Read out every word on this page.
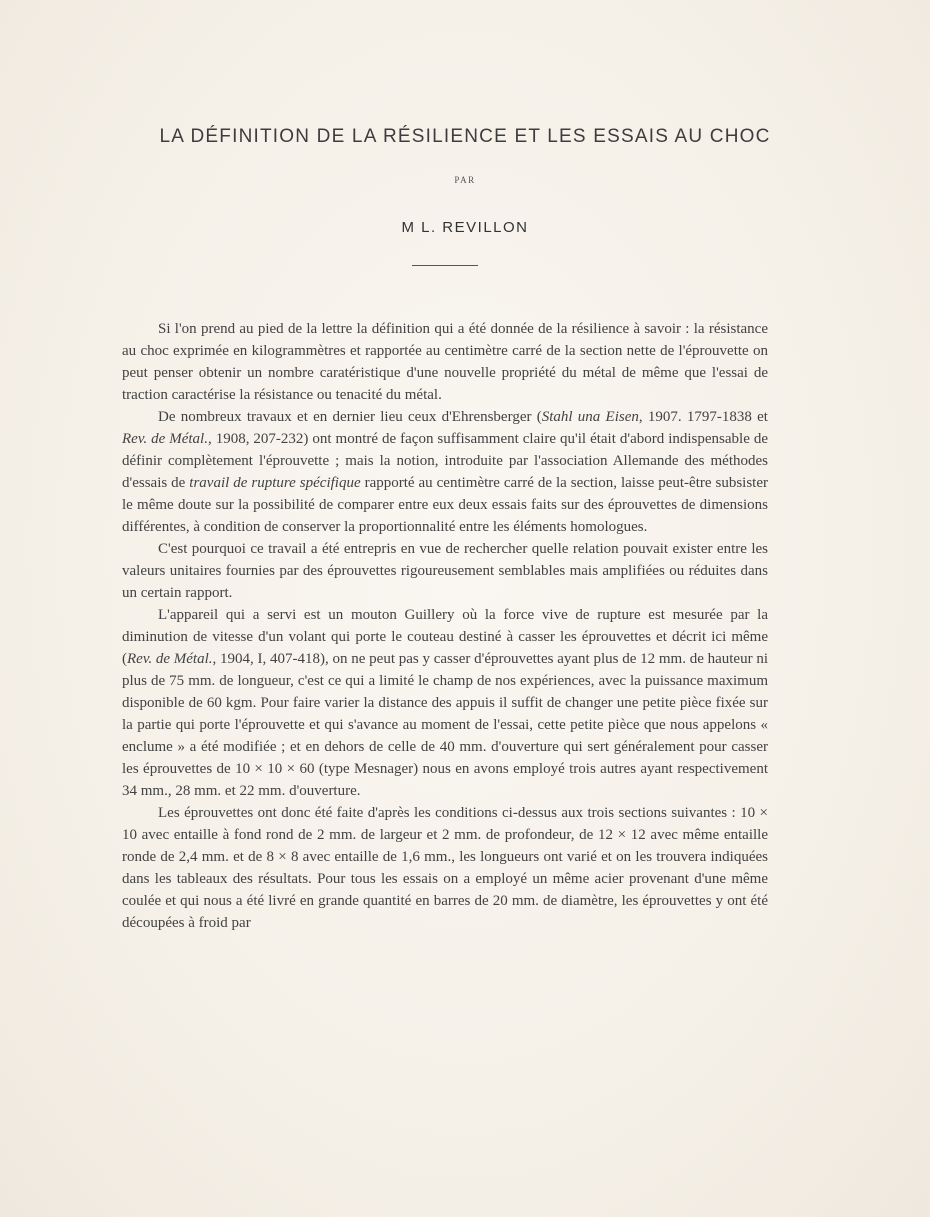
LA DÉFINITION DE LA RÉSILIENCE ET LES ESSAIS AU CHOC
PAR
M L. REVILLON

Si l'on prend au pied de la lettre la définition qui a été donnée de la résilience à savoir : la résistance au choc exprimée en kilogrammètres et rapportée au centimètre carré de la section nette de l'éprouvette on peut penser obtenir un nombre caratéristique d'une nouvelle propriété du métal de même que l'essai de traction caractérise la résistance ou tenacité du métal.

De nombreux travaux et en dernier lieu ceux d'Ehrensberger (Stahl una Eisen, 1907. 1797-1838 et Rev. de Métal., 1908, 207-232) ont montré de façon suffisamment claire qu'il était d'abord indispensable de définir complètement l'éprouvette ; mais la notion, introduite par l'association Allemande des méthodes d'essais de travail de rupture spécifique rapporté au centimètre carré de la section, laisse peut-être subsister le même doute sur la possibilité de comparer entre eux deux essais faits sur des éprouvettes de dimensions différentes, à condition de conserver la proportionnalité entre les éléments homologues.

C'est pourquoi ce travail a été entrepris en vue de rechercher quelle relation pouvait exister entre les valeurs unitaires fournies par des éprouvettes rigoureusement semblables mais amplifiées ou réduites dans un certain rapport.

L'appareil qui a servi est un mouton Guillery où la force vive de rupture est mesurée par la diminution de vitesse d'un volant qui porte le couteau destiné à casser les éprouvettes et décrit ici même (Rev. de Métal., 1904, I, 407-418), on ne peut pas y casser d'éprouvettes ayant plus de 12 mm. de hauteur ni plus de 75 mm. de longueur, c'est ce qui a limité le champ de nos expériences, avec la puissance maximum disponible de 60 kgm. Pour faire varier la distance des appuis il suffit de changer une petite pièce fixée sur la partie qui porte l'éprouvette et qui s'avance au moment de l'essai, cette petite pièce que nous appelons « enclume » a été modifiée ; et en dehors de celle de 40 mm. d'ouverture qui sert généralement pour casser les éprouvettes de 10 × 10 × 60 (type Mesnager) nous en avons employé trois autres ayant respectivement 34 mm., 28 mm. et 22 mm. d'ouverture.

Les éprouvettes ont donc été faite d'après les conditions ci-dessus aux trois sections suivantes : 10 × 10 avec entaille à fond rond de 2 mm. de largeur et 2 mm. de profondeur, de 12 × 12 avec même entaille ronde de 2,4 mm. et de 8 × 8 avec entaille de 1,6 mm., les longueurs ont varié et on les trouvera indiquées dans les tableaux des résultats. Pour tous les essais on a employé un même acier provenant d'une même coulée et qui nous a été livré en grande quantité en barres de 20 mm. de diamètre, les éprouvettes y ont été découpées à froid par
